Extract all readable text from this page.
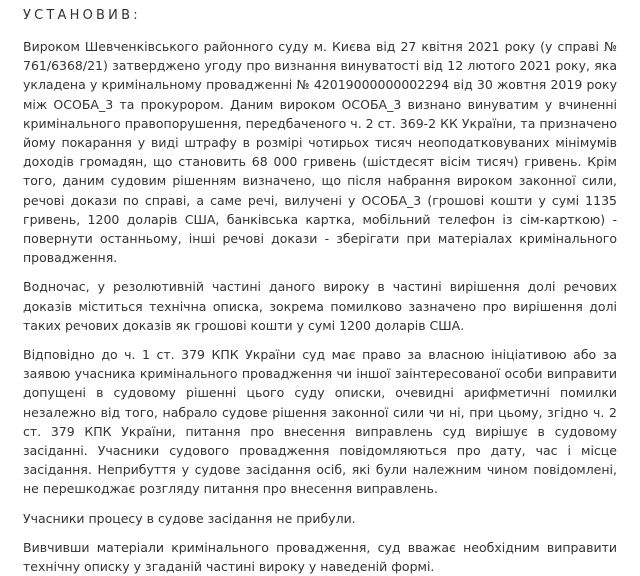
УСТАНОВИВ:

Вироком Шевченківського районного суду м. Києва від 27 квітня 2021 року (у справі № 761/6368/21) затверджено угоду про визнання винуватості від 12 лютого 2021 року, яка укладена у кримінальному провадженні № 42019000000002294 від 30 жовтня 2019 року між ОСОБА_3 та прокурором. Даним вироком ОСОБА_3 визнано винуватим у вчиненні кримінального правопорушення, передбаченого ч. 2 ст. 369-2 КК України, та призначено йому покарання у виді штрафу в розмірі чотирьох тисяч неоподатковуваних мінімумів доходів громадян, що становить 68 000 гривень (шістдесят вісім тисяч) гривень. Крім того, даним судовим рішенням визначено, що після набрання вироком законної сили, речові докази по справі, а саме речі, вилучені у ОСОБА_3 (грошові кошти у сумі 1135 гривень, 1200 доларів США, банківська картка, мобільний телефон із сім-карткою) - повернути останньому, інші речові докази - зберігати при матеріалах кримінального провадження.

Водночас, у резолютивній частині даного вироку в частині вирішення долі речових доказів міститься технічна описка, зокрема помилково зазначено про вирішення долі таких речових доказів як грошові кошти у сумі 1200 доларів США.

Відповідно до ч. 1 ст. 379 КПК України суд має право за власною ініціативою або за заявою учасника кримінального провадження чи іншої заінтересованої особи виправити допущені в судовому рішенні цього суду описки, очевидні арифметичні помилки незалежно від того, набрало судове рішення законної сили чи ні, при цьому, згідно ч. 2 ст. 379 КПК України, питання про внесення виправлень суд вирішує в судовому засіданні. Учасники судового провадження повідомляються про дату, час і місце засідання. Неприбуття у судове засідання осіб, які були належним чином повідомлені, не перешкоджає розгляду питання про внесення виправлень.

Учасники процесу в судове засідання не прибули.

Вивчивши матеріали кримінального провадження, суд вважає необхідним виправити технічну описку у згаданій частині вироку у наведеній формі.
